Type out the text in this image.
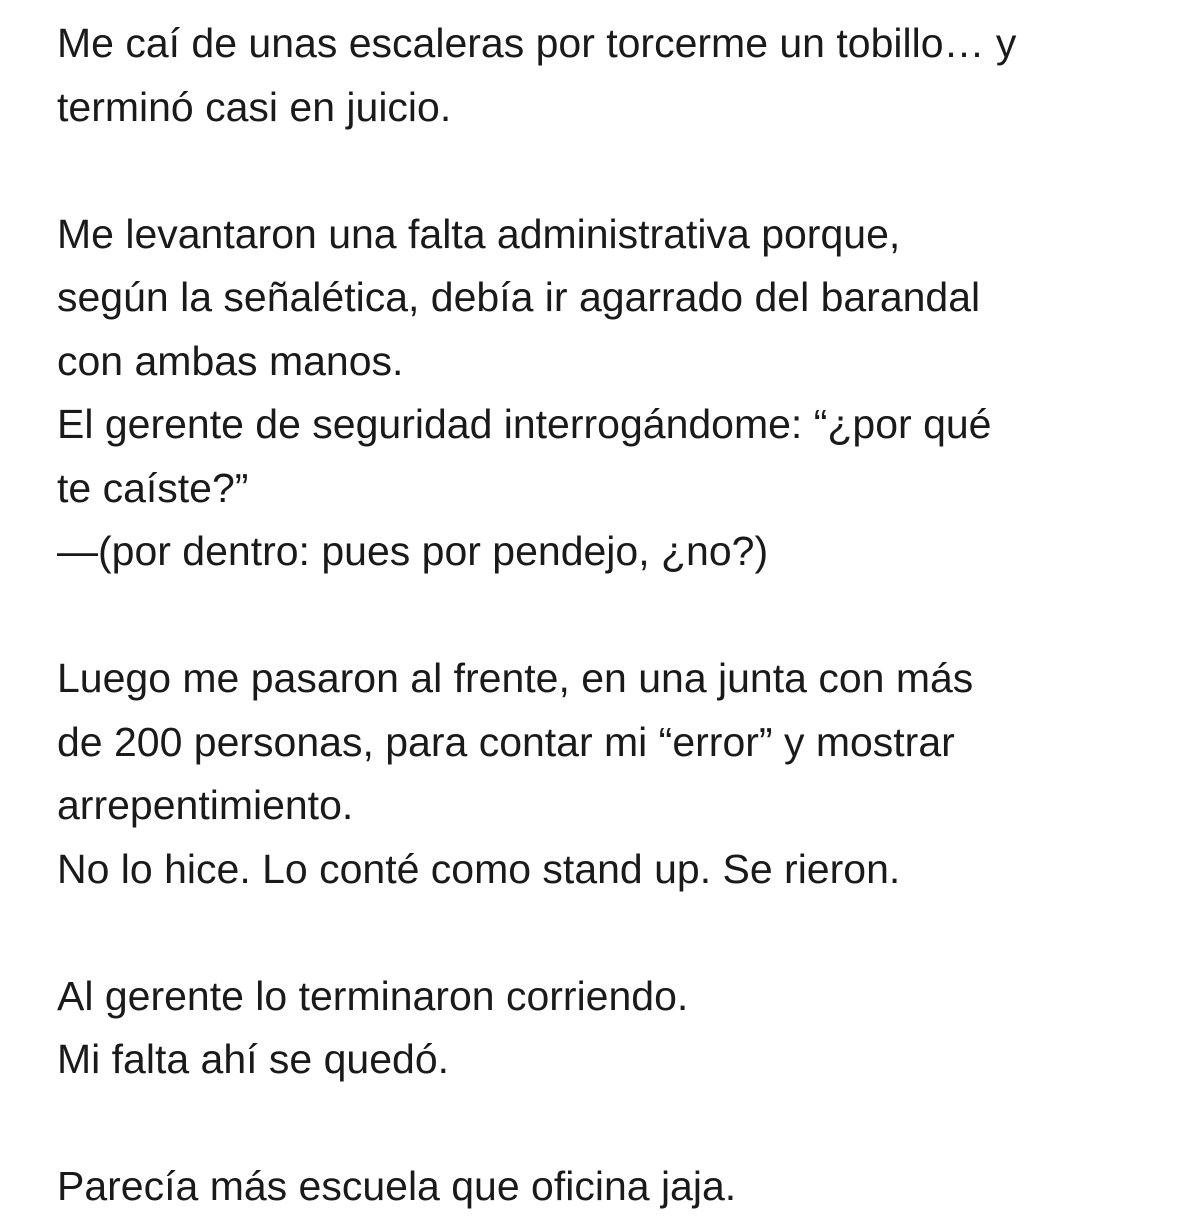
Me caí de unas escaleras por torcerme un tobillo… y
terminó casi en juicio.
Me levantaron una falta administrativa porque,
según la señalética, debía ir agarrado del barandal
con ambas manos.
El gerente de seguridad interrogándome: “¿por qué
te caíste?”
—(por dentro: pues por pendejo, ¿no?)
Luego me pasaron al frente, en una junta con más
de 200 personas, para contar mi “error” y mostrar
arrepentimiento.
No lo hice. Lo conté como stand up. Se rieron.
Al gerente lo terminaron corriendo.
Mi falta ahí se quedó.
Parecía más escuela que oficina jaja.
